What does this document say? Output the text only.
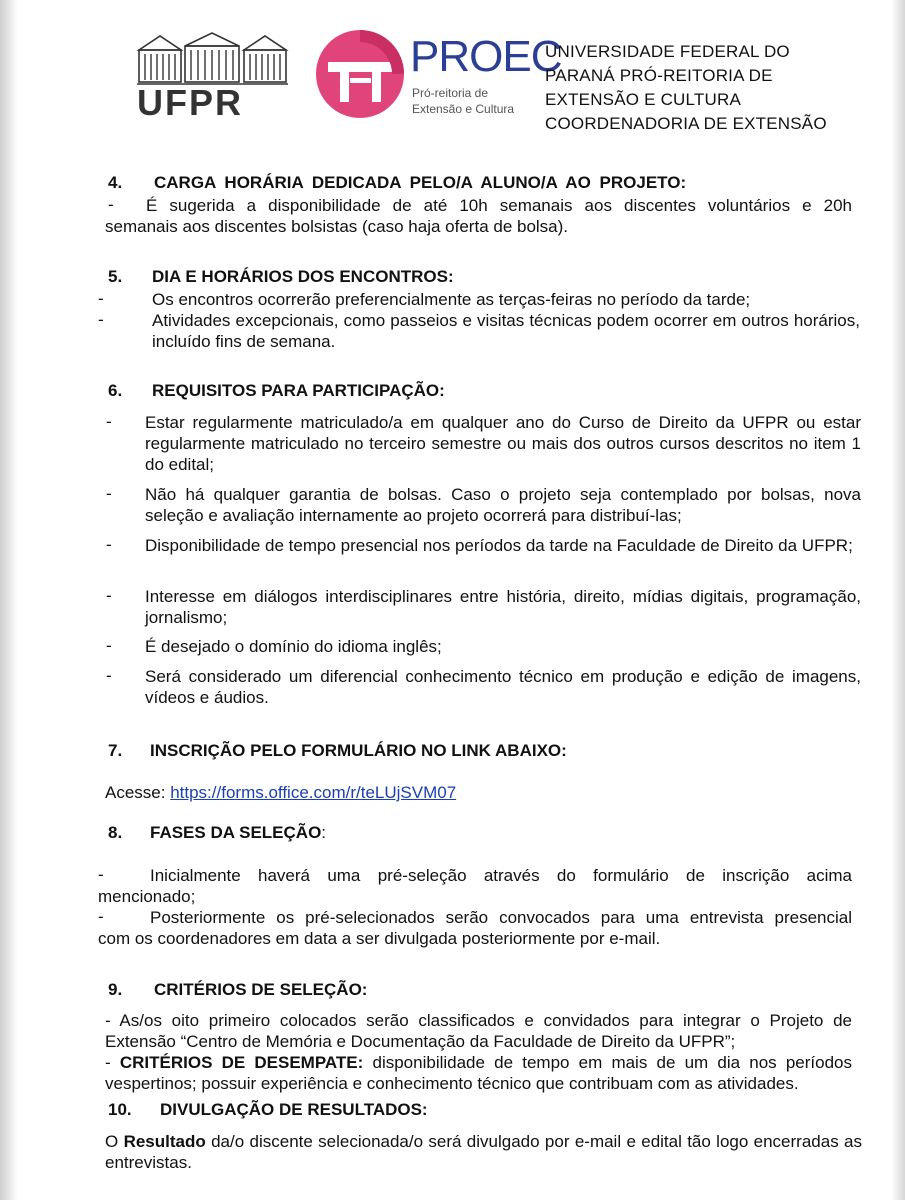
UFPR
PROEC
Pró-reitoria de
Extensão e Cultura
UNIVERSIDADE FEDERAL DO
PARANÁ PRÓ-REITORIA DE
EXTENSÃO E CULTURA
COORDENADORIA DE EXTENSÃO
4. CARGA HORÁRIA DEDICADA PELO/A ALUNO/A AO PROJETO:
- É sugerida a disponibilidade de até 10h semanais aos discentes voluntários e 20h
semanais aos discentes bolsistas (caso haja oferta de bolsa).
5. DIA E HORÁRIOS DOS ENCONTROS:
-	Os encontros ocorrerão preferencialmente as terças-feiras no período da tarde;
-	Atividades excepcionais, como passeios e visitas técnicas podem ocorrer em outros horários, incluído fins de semana.
6. REQUISITOS PARA PARTICIPAÇÃO:
- Estar regularmente matriculado/a em qualquer ano do Curso de Direito da UFPR ou estar regularmente matriculado no terceiro semestre ou mais dos outros cursos descritos no item 1 do edital;
- Não há qualquer garantia de bolsas. Caso o projeto seja contemplado por bolsas, nova seleção e avaliação internamente ao projeto ocorrerá para distribuí-las;
- Disponibilidade de tempo presencial nos períodos da tarde na Faculdade de Direito da UFPR;
- Interesse em diálogos interdisciplinares entre história, direito, mídias digitais, programação, jornalismo;
- É desejado o domínio do idioma inglês;
- Será considerado um diferencial conhecimento técnico em produção e edição de imagens, vídeos e áudios.
7. INSCRIÇÃO PELO FORMULÁRIO NO LINK ABAIXO:
Acesse: https://forms.office.com/r/teLUjSVM07
8. FASES DA SELEÇÃO:
-	Inicialmente haverá uma pré-seleção através do formulário de inscrição acima
mencionado;
-	Posteriormente os pré-selecionados serão convocados para uma entrevista presencial
com os coordenadores em data a ser divulgada posteriormente por e-mail.
9. CRITÉRIOS DE SELEÇÃO:
- As/os oito primeiro colocados serão classificados e convidados para integrar o Projeto de Extensão “Centro de Memória e Documentação da Faculdade de Direito da UFPR”;
- CRITÉRIOS DE DESEMPATE: disponibilidade de tempo em mais de um dia nos períodos vespertinos; possuir experiência e conhecimento técnico que contribuam com as atividades.
10. DIVULGAÇÃO DE RESULTADOS:
O Resultado da/o discente selecionada/o será divulgado por e-mail e edital tão logo encerradas as entrevistas.
